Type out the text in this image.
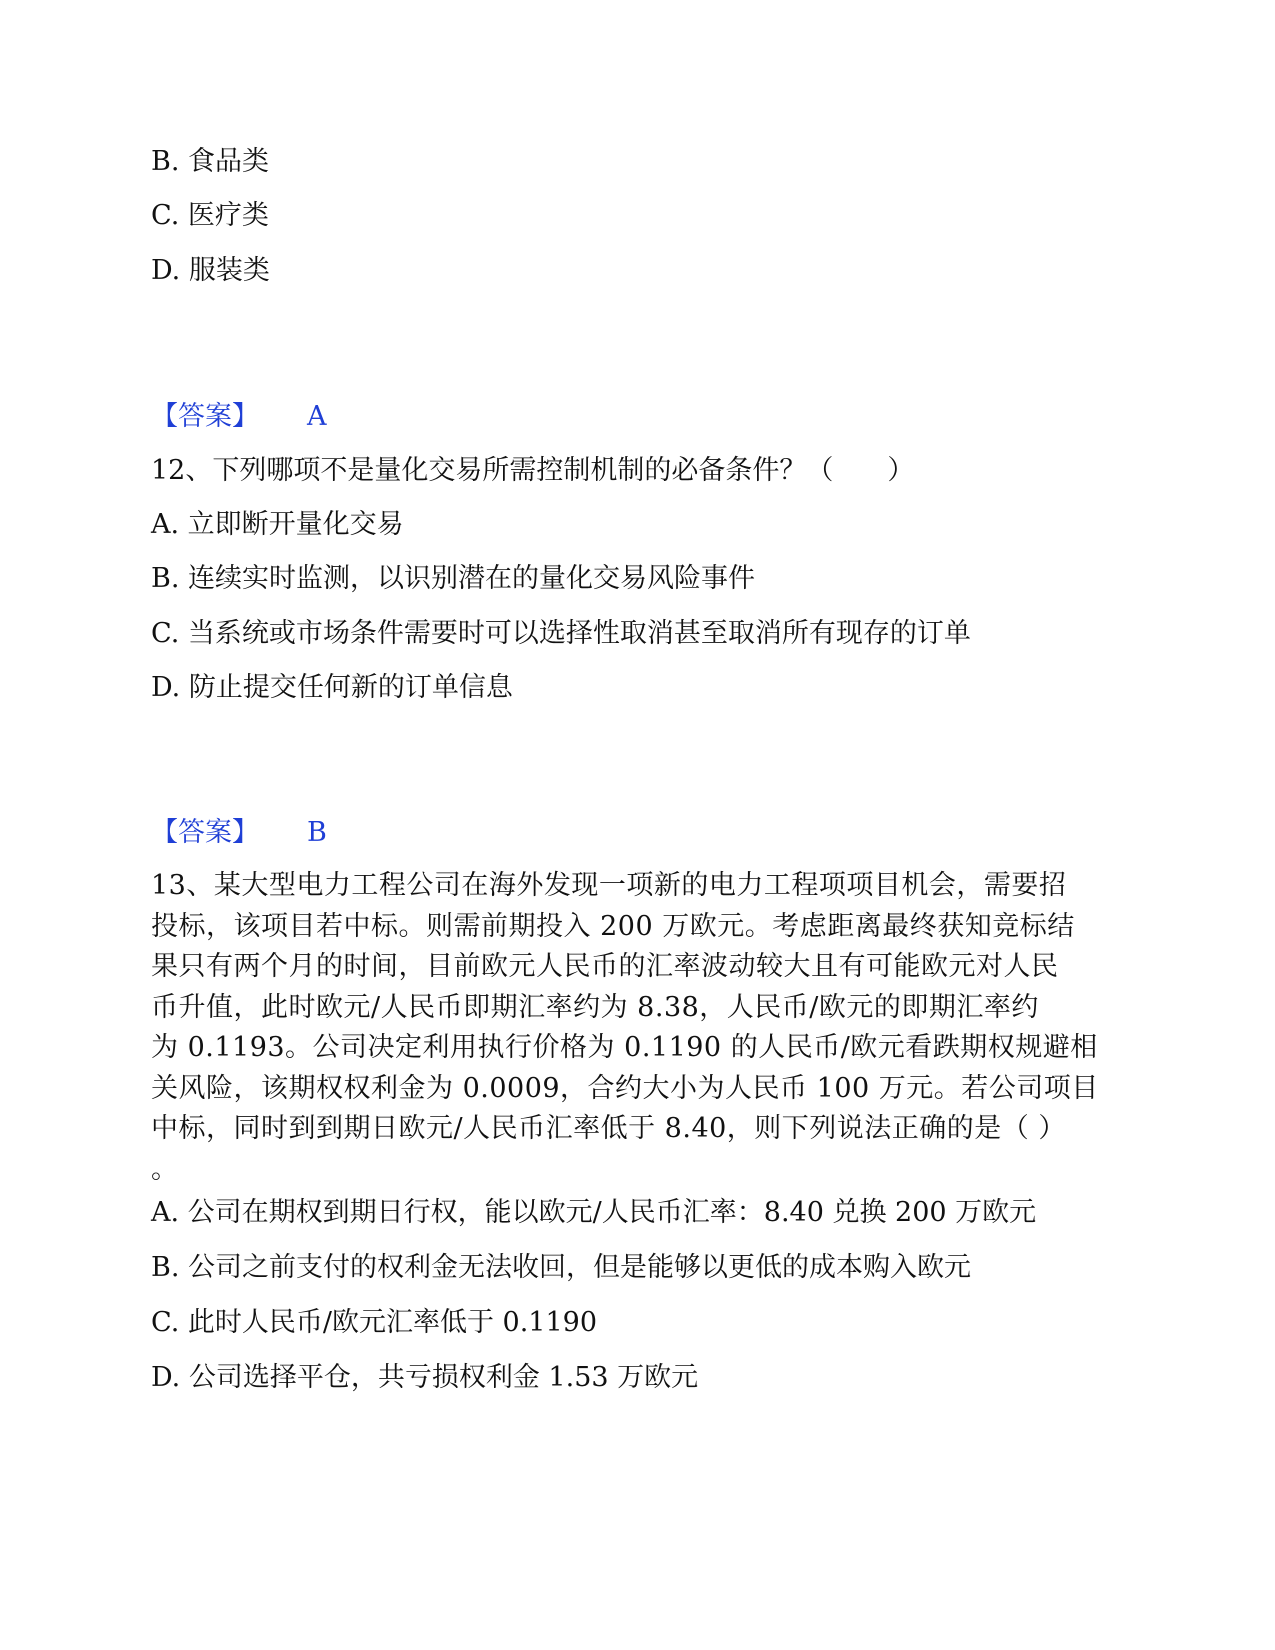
B. 食品类
C. 医疗类
D. 服装类
【答案】 A
12、下列哪项不是量化交易所需控制机制的必备条件？（　　）
A. 立即断开量化交易
B. 连续实时监测，以识别潜在的量化交易风险事件
C. 当系统或市场条件需要时可以选择性取消甚至取消所有现存的订单
D. 防止提交任何新的订单信息
【答案】 B
13、某大型电力工程公司在海外发现一项新的电力工程项项目机会，需要招
投标，该项目若中标。则需前期投入 200 万欧元。考虑距离最终获知竞标结
果只有两个月的时间，目前欧元人民币的汇率波动较大且有可能欧元对人民
币升值，此时欧元/人民币即期汇率约为 8.38，人民币/欧元的即期汇率约
为 0.1193。公司决定利用执行价格为 0.1190 的人民币/欧元看跌期权规避相
关风险，该期权权利金为 0.0009，合约大小为人民币 100 万元。若公司项目
中标，同时到到期日欧元/人民币汇率低于 8.40，则下列说法正确的是（ ）
。
A. 公司在期权到期日行权，能以欧元/人民币汇率：8.40 兑换 200 万欧元
B. 公司之前支付的权利金无法收回，但是能够以更低的成本购入欧元
C. 此时人民币/欧元汇率低于 0.1190
D. 公司选择平仓，共亏损权利金 1.53 万欧元
